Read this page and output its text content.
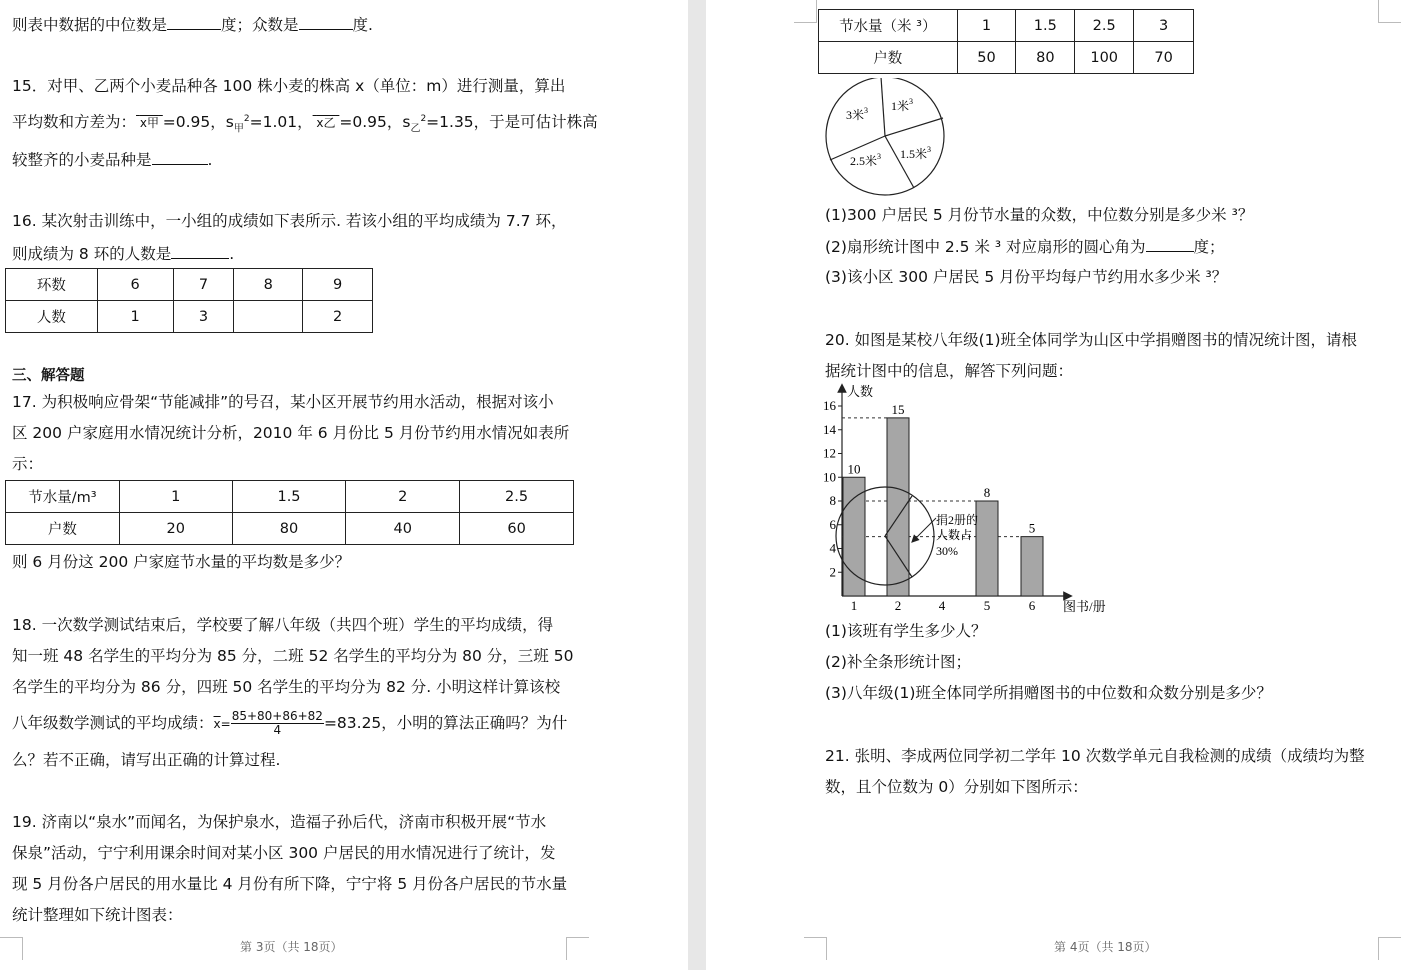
则表中数据的中位数是	度；众数是	度.
15．对甲、乙两个小麦品种各 100 株小麦的株高 x（单位：m）进行测量，算出
平均数和方差为： x甲 =0.95，$s_甲^2=1.01$， x乙 =0.95，$s_乙^2=1.35$，于是可估计株高
较整齐的小麦品种是	.
16. 某次射击训练中，一小组的成绩如下表所示. 若该小组的平均成绩为 7.7 环，
则成绩为 8 环的人数是	.
环数	6	7	8	9
人数	1	3		2
三、解答题
17. 为积极响应骨架“节能减排”的号召，某小区开展节约用水活动，根据对该小
区 200 户家庭用水情况统计分析，2010 年 6 月份比 5 月份节约用水情况如表所
示：
节水量/m³	1	1.5	2	2.5
户数	20	80	40	60
则 6 月份这 200 户家庭节水量的平均数是多少？
18. 一次数学测试结束后，学校要了解八年级（共四个班）学生的平均成绩，得
知一班 48 名学生的平均分为 85 分，二班 52 名学生的平均分为 80 分，三班 50
名学生的平均分为 86 分，四班 50 名学生的平均分为 82 分. 小明这样计算该校
八年级数学测试的平均成绩：$\overline{x}= \frac{85+80+86+82}{4} =83.25$，小明的算法正确吗？为什
么？若不正确，请写出正确的计算过程.
19. 济南以“泉水”而闻名，为保护泉水，造福子孙后代，济南市积极开展“节水
保泉”活动，宁宁利用课余时间对某小区 300 户居民的用水情况进行了统计，发
现 5 月份各户居民的用水量比 4 月份有所下降，宁宁将 5 月份各户居民的节水量
统计整理如下统计图表：
第 3页（共 18页）
节水量（米 ³）	1	1.5	2.5	3
户数	50	80	100	70
3米$^3$ 1米$^3$
1.5米$^3$
2.5米$^3$
(1)300 户居民 5 月份节水量的众数，中位数分别是多少米 ³？
(2)扇形统计图中 2.5 米 ³ 对应扇形的圆心角为	度；
(3)该小区 300 户居民 5 月份平均每户节约用水多少米 ³？
20. 如图是某校八年级(1)班全体同学为山区中学捐赠图书的情况统计图，请根
据统计图中的信息，解答下列问题：
人数
图书/册
2
4
6
8
10
12
14
16
10
1
15
2	4
8
5
5
6
捐2册的
人数占
30%
(1)该班有学生多少人？
(2)补全条形统计图；
(3)八年级(1)班全体同学所捐赠图书的中位数和众数分别是多少？
21. 张明、李成两位同学初二学年 10 次数学单元自我检测的成绩（成绩均为整
数，且个位数为 0）分别如下图所示：
第 4页（共 18页）
